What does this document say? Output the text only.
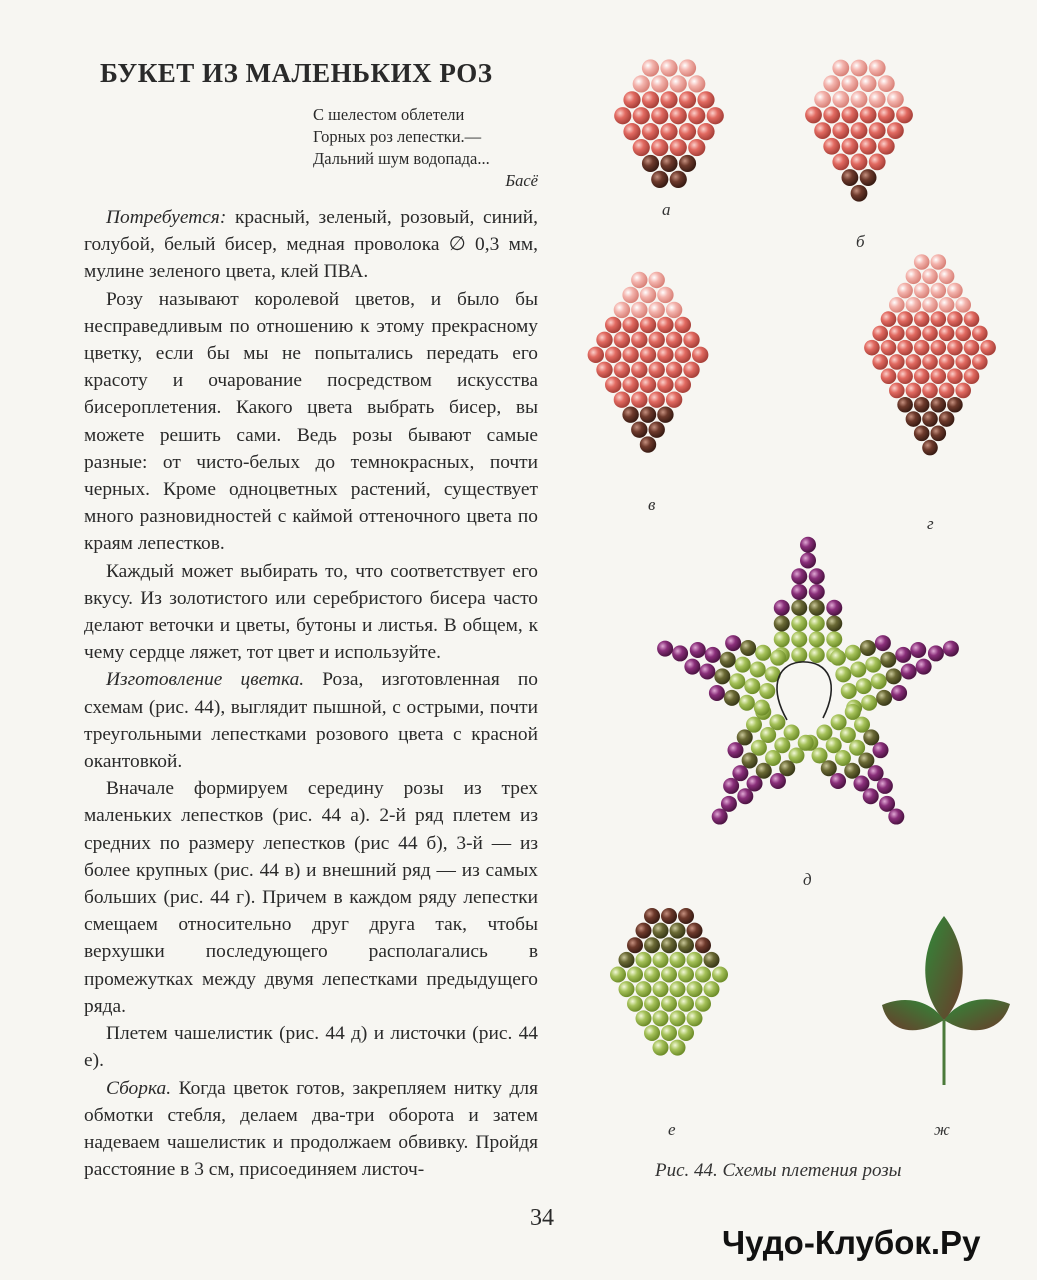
БУКЕТ ИЗ МАЛЕНЬКИХ РОЗ
С шелестом облетели
Горных роз лепестки.—
Дальний шум водопада...
Басё

Потребуется: красный, зеленый, розовый, синий, голубой, белый бисер, медная проволока ∅ 0,3 мм, мулине зеленого цвета, клей ПВА.

Розу называют королевой цветов, и было бы несправедливым по отношению к этому прекрасному цветку, если бы мы не попытались передать его красоту и очарование посредством искусства бисероплетения. Какого цвета выбрать бисер, вы можете решить сами. Ведь розы бывают самые разные: от чисто-белых до темнокрасных, почти черных. Кроме одноцветных растений, существует много разновидностей с каймой оттеночного цвета по краям лепестков.

Каждый может выбирать то, что соответствует его вкусу. Из золотистого или серебристого бисера часто делают веточки и цветы, бутоны и листья. В общем, к чему сердце ляжет, тот цвет и используйте.

Изготовление цветка. Роза, изготовленная по схемам (рис. 44), выглядит пышной, с острыми, почти треугольными лепестками розового цвета с красной окантовкой.

Вначале формируем середину розы из трех маленьких лепестков (рис. 44 а). 2-й ряд плетем из средних по размеру лепестков (рис 44 б), 3-й — из более крупных (рис. 44 в) и внешний ряд — из самых больших (рис. 44 г). Причем в каждом ряду лепестки смещаем относительно друг друга так, чтобы верхушки последующего располагались в промежутках между двумя лепестками предыдущего ряда.

Плетем чашелистик (рис. 44 д) и листочки (рис. 44 е).

Сборка. Когда цветок готов, закрепляем нитку для обмотки стебля, делаем два-три оборота и затем надеваем чашелистик и продолжаем обвивку. Пройдя расстояние в 3 см, присоединяем листоч-

а
б
в
г
д
е	ж
Рис. 44. Схемы плетения розы
34
Чудо-Клубок.Ру
